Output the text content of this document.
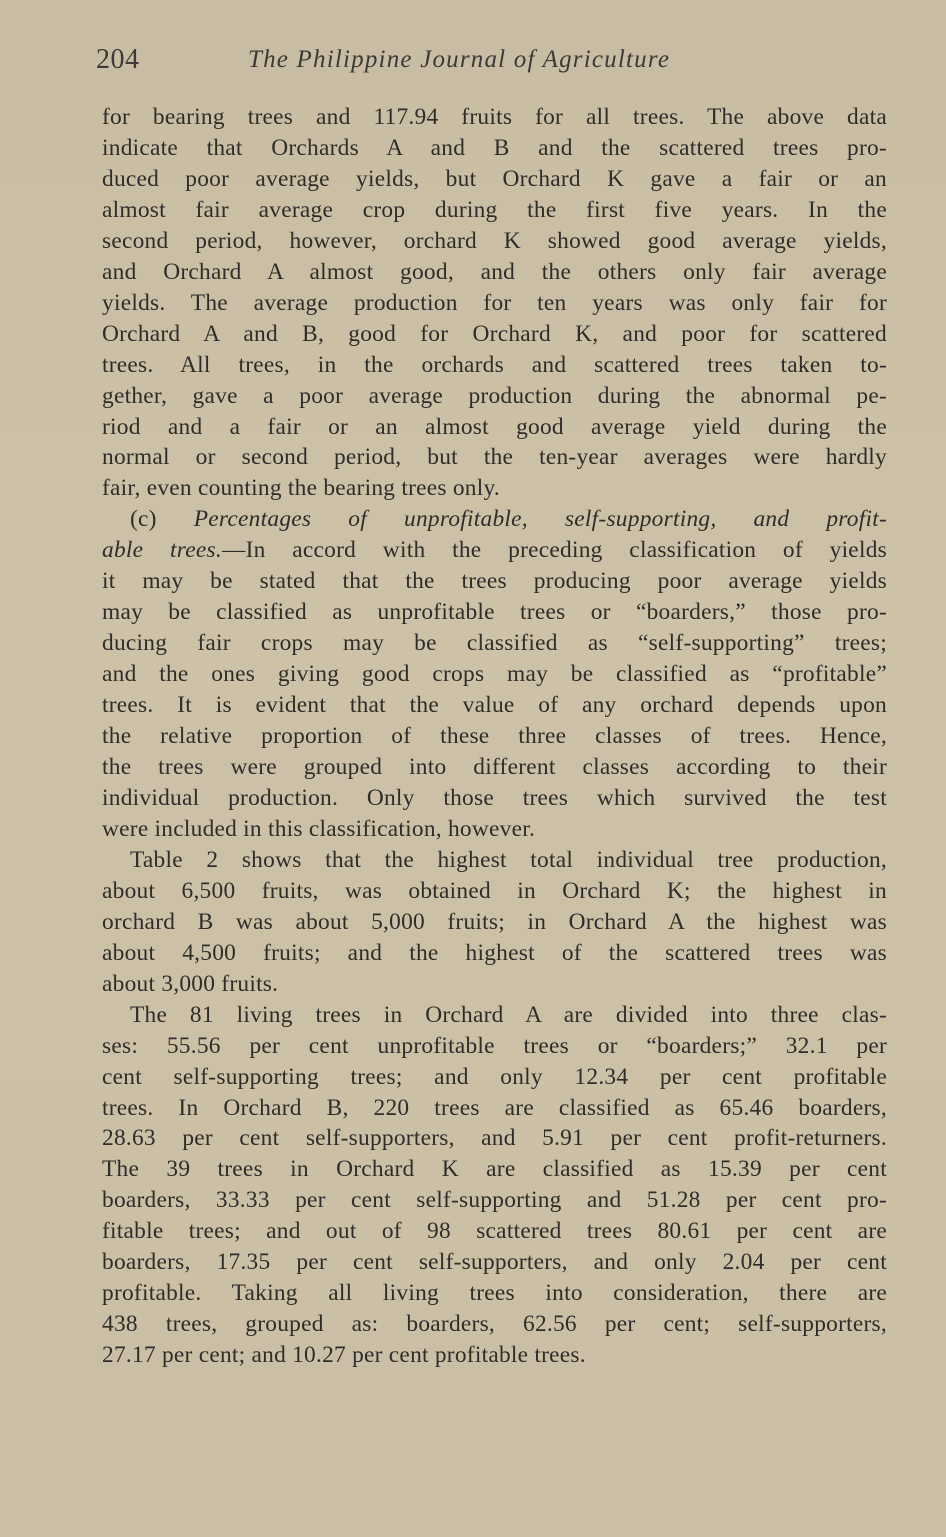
204	The Philippine Journal of Agriculture
for bearing trees and 117.94 fruits for all trees. The above data
indicate that Orchards A and B and the scattered trees pro-
duced poor average yields, but Orchard K gave a fair or an
almost fair average crop during the first five years. In the
second period, however, orchard K showed good average yields,
and Orchard A almost good, and the others only fair average
yields. The average production for ten years was only fair for
Orchard A and B, good for Orchard K, and poor for scattered
trees. All trees, in the orchards and scattered trees taken to-
gether, gave a poor average production during the abnormal pe-
riod and a fair or an almost good average yield during the
normal or second period, but the ten-year averages were hardly
fair, even counting the bearing trees only.
(c) Percentages of unprofitable, self-supporting, and profit-
able trees.—In accord with the preceding classification of yields
it may be stated that the trees producing poor average yields
may be classified as unprofitable trees or “boarders,” those pro-
ducing fair crops may be classified as “self-supporting” trees;
and the ones giving good crops may be classified as “profitable”
trees. It is evident that the value of any orchard depends upon
the relative proportion of these three classes of trees. Hence,
the trees were grouped into different classes according to their
individual production. Only those trees which survived the test
were included in this classification, however.
Table 2 shows that the highest total individual tree production,
about 6,500 fruits, was obtained in Orchard K; the highest in
orchard B was about 5,000 fruits; in Orchard A the highest was
about 4,500 fruits; and the highest of the scattered trees was
about 3,000 fruits.
The 81 living trees in Orchard A are divided into three clas-
ses: 55.56 per cent unprofitable trees or “boarders;” 32.1 per
cent self-supporting trees; and only 12.34 per cent profitable
trees. In Orchard B, 220 trees are classified as 65.46 boarders,
28.63 per cent self-supporters, and 5.91 per cent profit-returners.
The 39 trees in Orchard K are classified as 15.39 per cent
boarders, 33.33 per cent self-supporting and 51.28 per cent pro-
fitable trees; and out of 98 scattered trees 80.61 per cent are
boarders, 17.35 per cent self-supporters, and only 2.04 per cent
profitable. Taking all living trees into consideration, there are
438 trees, grouped as: boarders, 62.56 per cent; self-supporters,
27.17 per cent; and 10.27 per cent profitable trees.
